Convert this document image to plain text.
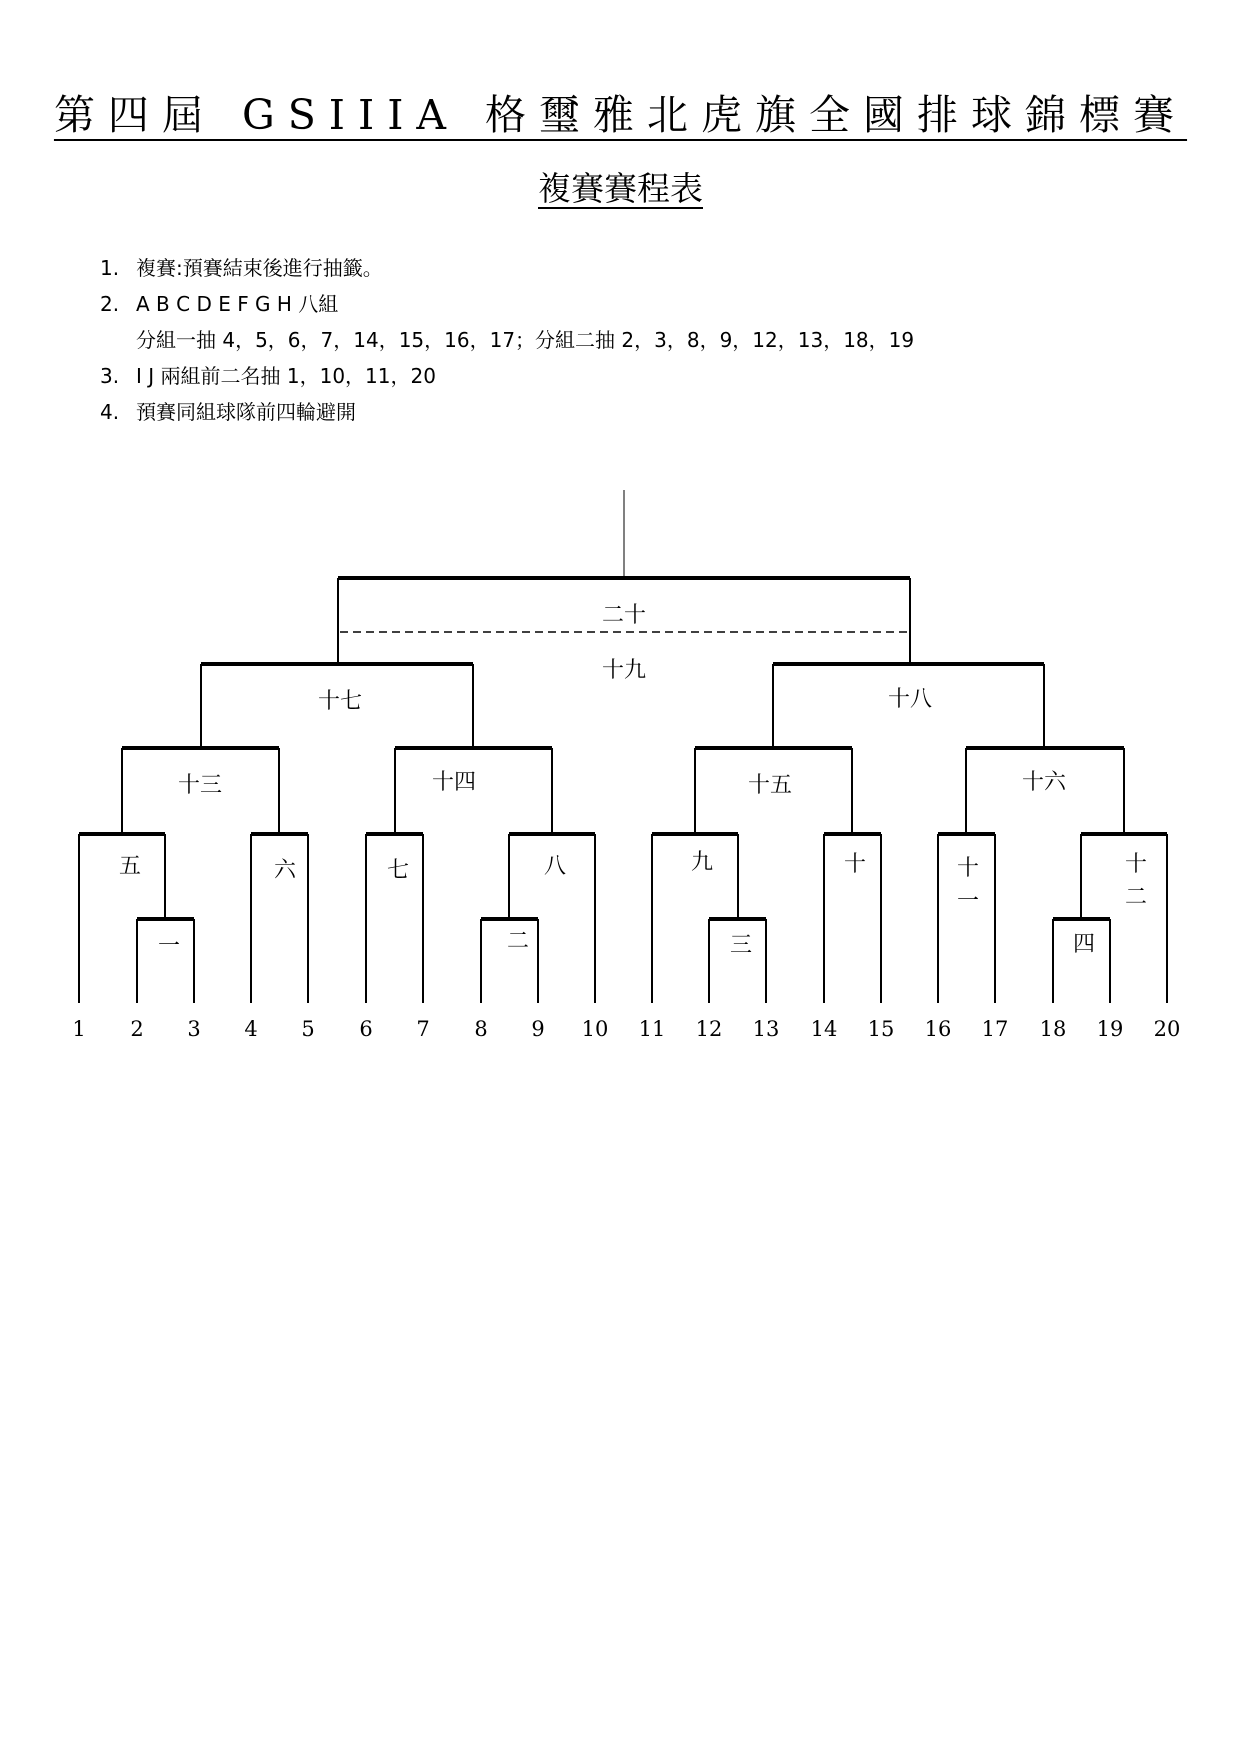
第四屆 GSIIIA 格璽雅北虎旗全國排球錦標賽
複賽賽程表
1. 複賽:預賽結束後進行抽籤。
2. A B C D E F G H 八組
分組一抽 4，5，6，7，14，15，16，17；分組二抽 2，3，8，9，12，13，18，19
3. I J 兩組前二名抽 1，10，11，20
4. 預賽同組球隊前四輪避開
二十
十九
十七	十八
十三	十四	十五	十六
五	六	七	八	九	十	十
一
十
二
一	二	三	四
1 2 3 4 5 6 7 8 9 10 11 12 13 14 15 16 17 18 19 20
